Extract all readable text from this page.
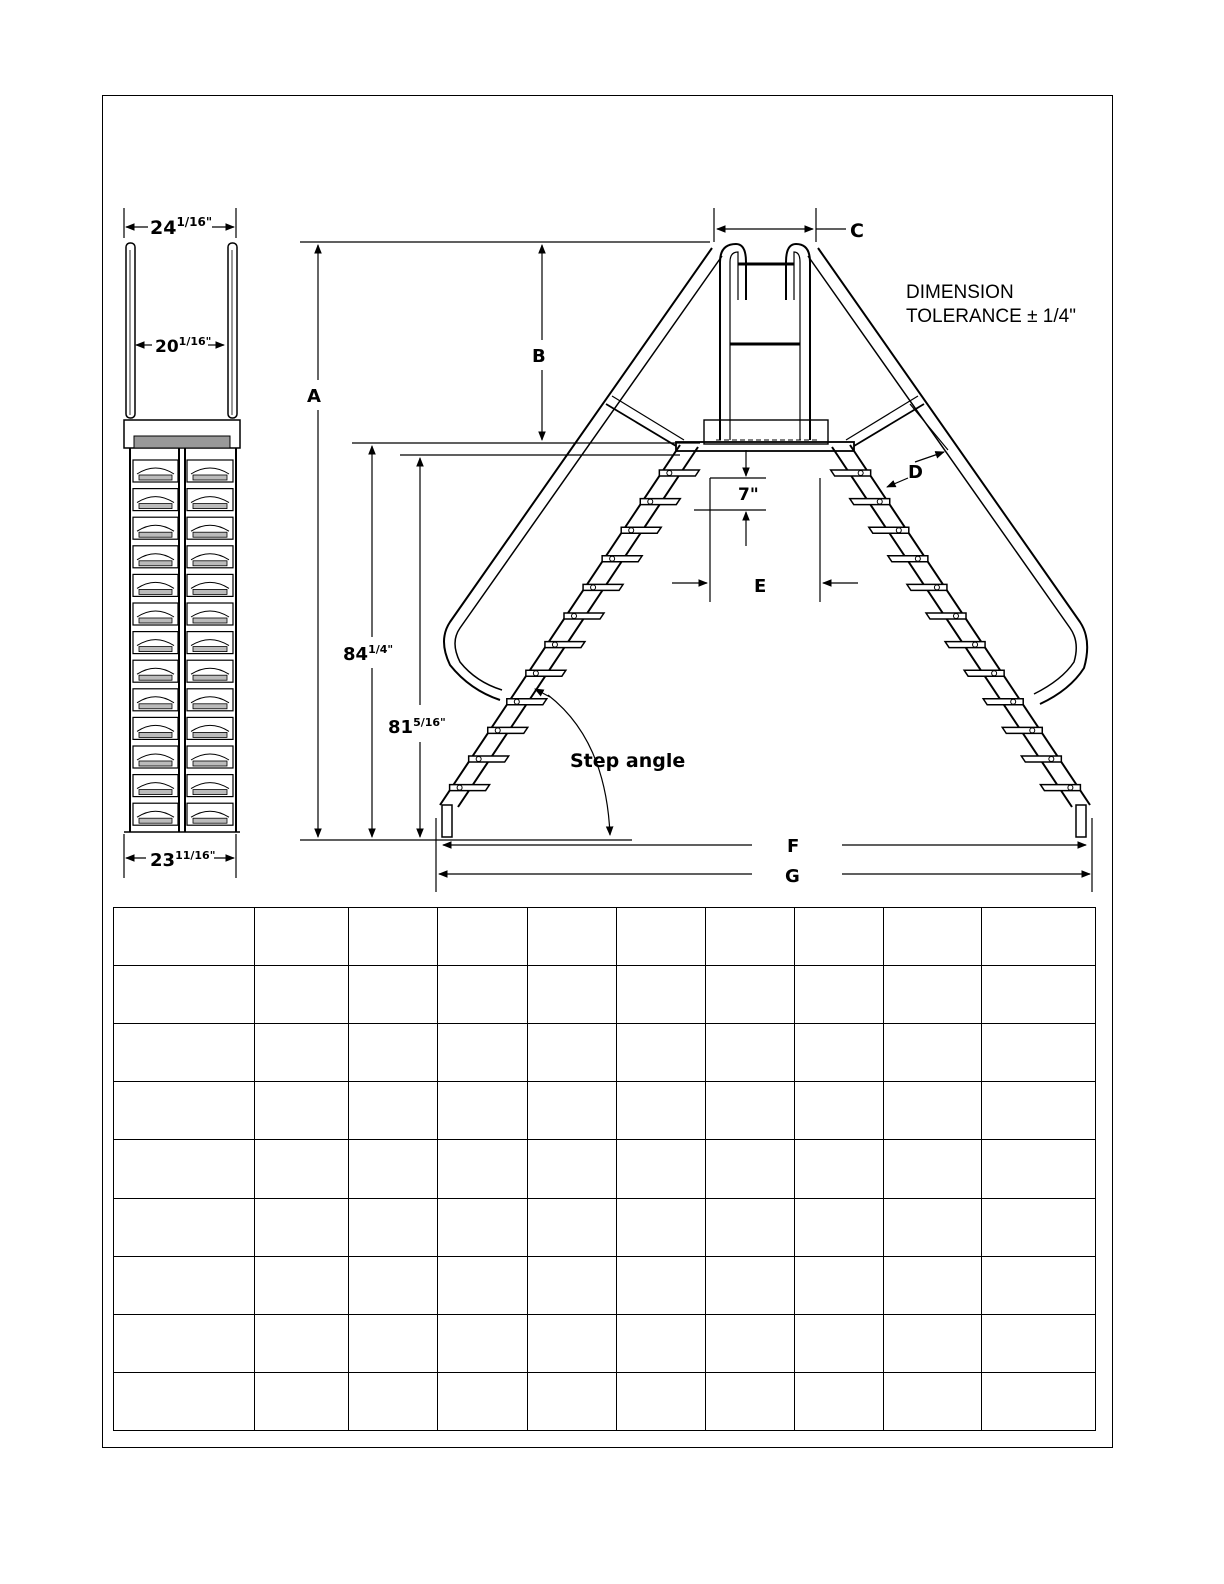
$24^{1/16"}$
$20^{1/16"}$
$23^{11/16"}$
A
B
C
D
E
F
G
7"
$84^{1/4"}$
$81^{5/16"}$
Step angle
DIMENSION
TOLERANCE ± 1/4"
